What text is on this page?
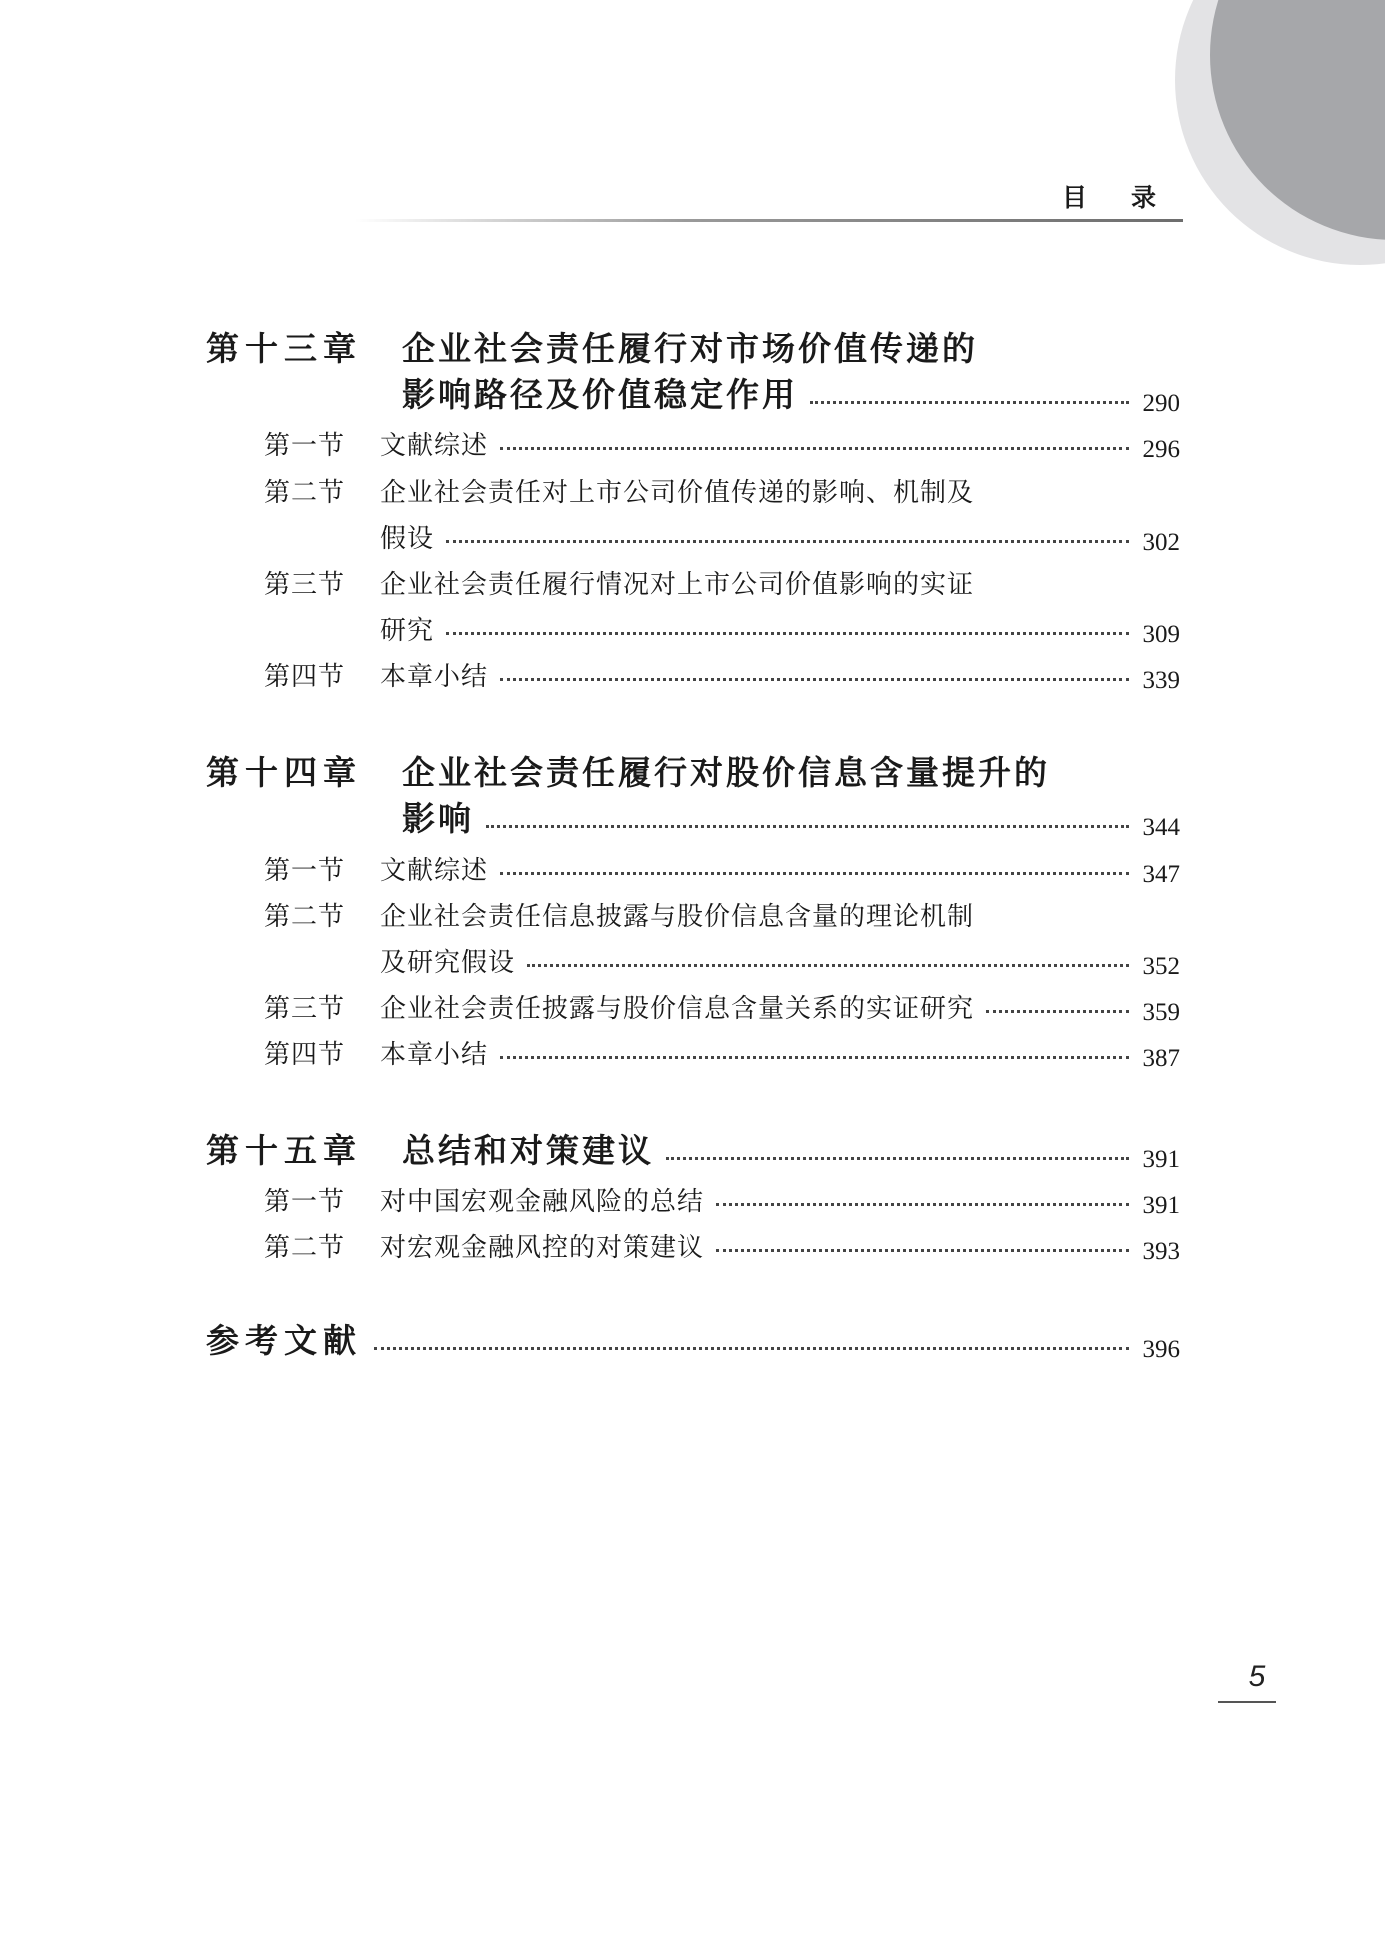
目录
第十三章 企业社会责任履行对市场价值传递的
影响路径及价值稳定作用	290
第一节 文献综述	296
第二节 企业社会责任对上市公司价值传递的影响、机制及
假设	302
第三节 企业社会责任履行情况对上市公司价值影响的实证
研究	309
第四节 本章小结	339
第十四章 企业社会责任履行对股价信息含量提升的
影响	344
第一节 文献综述	347
第二节 企业社会责任信息披露与股价信息含量的理论机制
及研究假设	352
第三节 企业社会责任披露与股价信息含量关系的实证研究	359
第四节 本章小结	387
第十五章 总结和对策建议	391
第一节 对中国宏观金融风险的总结	391
第二节 对宏观金融风控的对策建议	393
参考文献	396
5
